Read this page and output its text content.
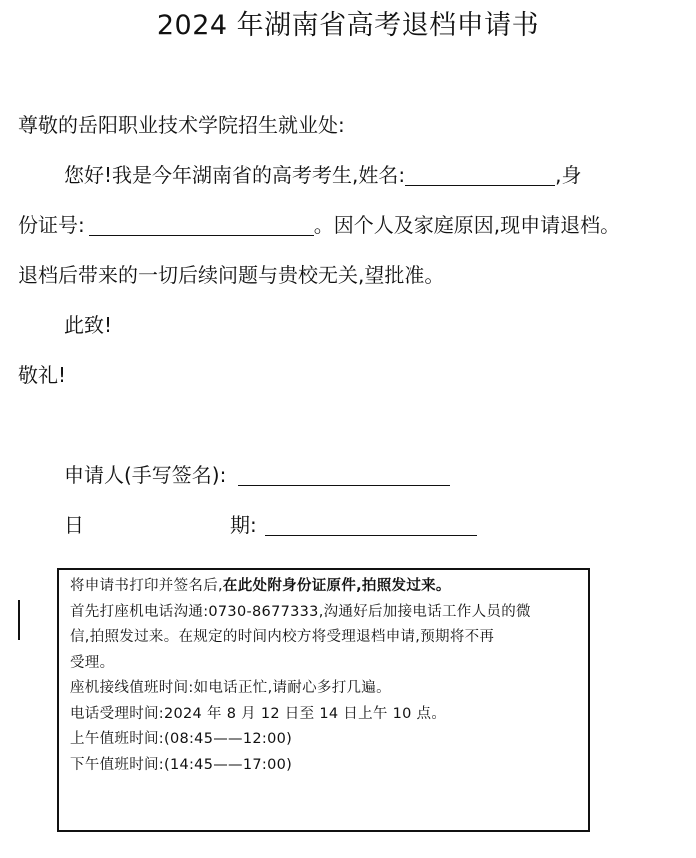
2024 年湖南省高考退档申请书
尊敬的岳阳职业技术学院招生就业处:
您好!我是今年湖南省的高考考生,姓名:	,身
份证号:	。因个人及家庭原因,现申请退档。
退档后带来的一切后续问题与贵校无关,望批准。
此致!
敬礼!
申请人(手写签名):
日	期:
将申请书打印并签名后,在此处附身份证原件,拍照发过来。
首先打座机电话沟通:0730-8677333,沟通好后加接电话工作人员的微
信,拍照发过来。在规定的时间内校方将受理退档申请,预期将不再
受理。
座机接线值班时间:如电话正忙,请耐心多打几遍。
电话受理时间:2024 年 8 月 12 日至 14 日上午 10 点。
上午值班时间:(08:45——12:00)
下午值班时间:(14:45——17:00)
